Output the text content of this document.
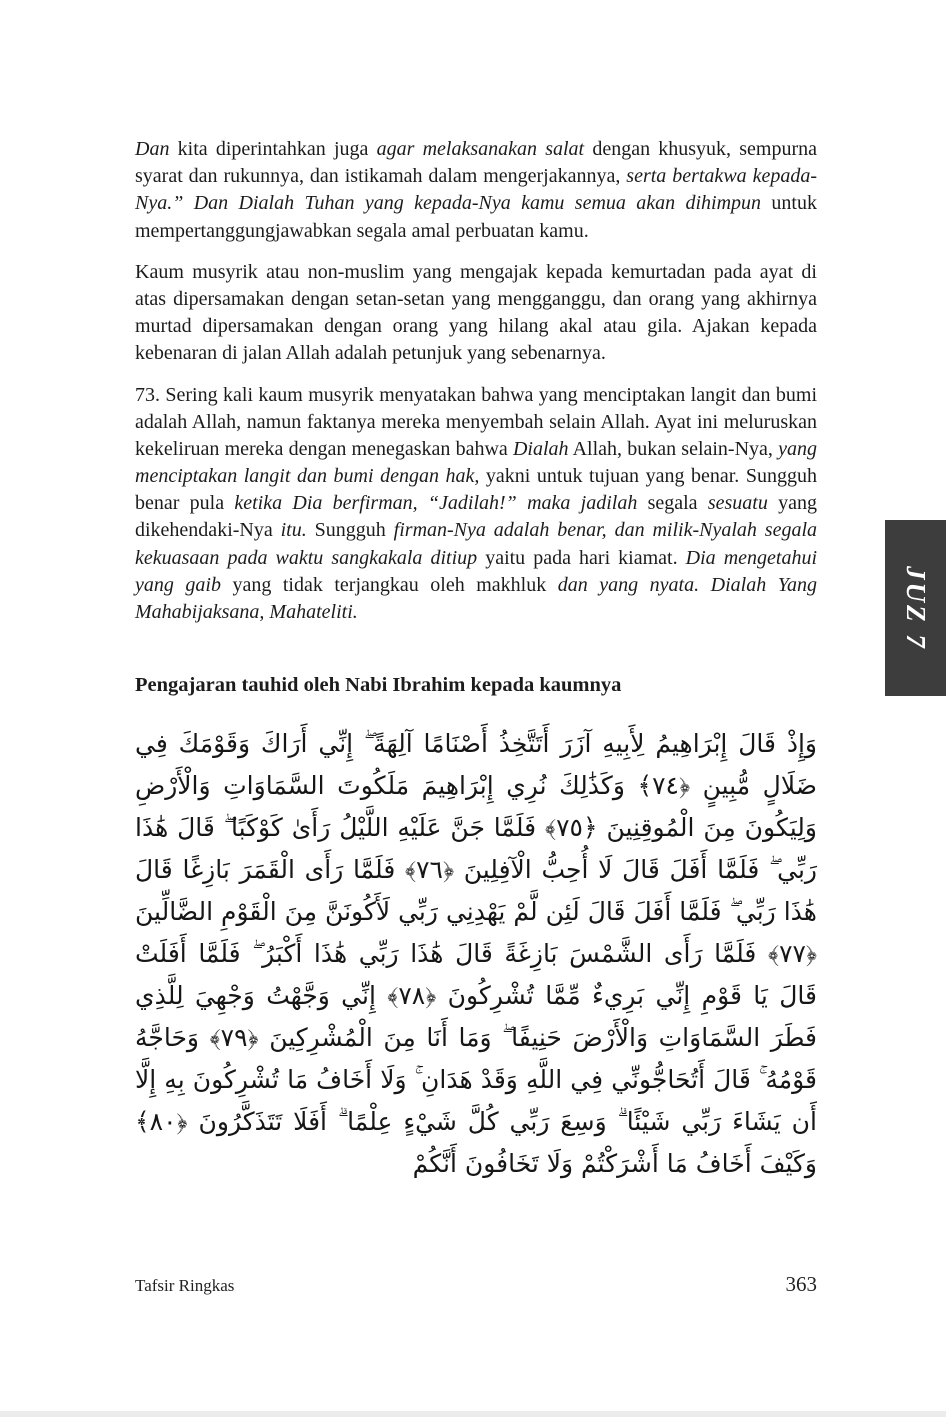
Dan kita diperintahkan juga agar melaksanakan salat dengan khusyuk, sempurna syarat dan rukunnya, dan istikamah dalam mengerjakannya, serta bertakwa kepada-Nya.” Dan Dialah Tuhan yang kepada-Nya kamu semua akan dihimpun untuk mempertanggungjawabkan segala amal perbuatan kamu.

Kaum musyrik atau non-muslim yang mengajak kepada kemurtadan pada ayat di atas dipersamakan dengan setan-setan yang mengganggu, dan orang yang akhirnya murtad dipersamakan dengan orang yang hilang akal atau gila. Ajakan kepada kebenaran di jalan Allah adalah petunjuk yang sebenarnya.

73. Sering kali kaum musyrik menyatakan bahwa yang menciptakan langit dan bumi adalah Allah, namun faktanya mereka menyembah selain Allah. Ayat ini meluruskan kekeliruan mereka dengan menegaskan bahwa Dialah Allah, bukan selain-Nya, yang menciptakan langit dan bumi dengan hak, yakni untuk tujuan yang benar. Sungguh benar pula ketika Dia berfirman, “Jadilah!” maka jadilah segala sesuatu yang dikehendaki-Nya itu. Sungguh firman-Nya adalah benar, dan milik-Nyalah segala kekuasaan pada waktu sangkakala ditiup yaitu pada hari kiamat. Dia mengetahui yang gaib yang tidak terjangkau oleh makhluk dan yang nyata. Dialah Yang Mahabijaksana, Mahateliti.

Pengajaran tauhid oleh Nabi Ibrahim kepada kaumnya
وَإِذْ قَالَ إِبْرَاهِيمُ لِأَبِيهِ آزَرَ أَتَتَّخِذُ أَصْنَامًا آلِهَةً ۖ إِنِّي أَرَاكَ وَقَوْمَكَ فِي ضَلَالٍ مُّبِينٍ ﴿٧٤﴾ وَكَذَٰلِكَ نُرِي إِبْرَاهِيمَ مَلَكُوتَ السَّمَاوَاتِ وَالْأَرْضِ وَلِيَكُونَ مِنَ الْمُوقِنِينَ ﴿٧٥﴾ فَلَمَّا جَنَّ عَلَيْهِ اللَّيْلُ رَأَىٰ كَوْكَبًا ۖ قَالَ هَٰذَا رَبِّي ۖ فَلَمَّا أَفَلَ قَالَ لَا أُحِبُّ الْآفِلِينَ ﴿٧٦﴾ فَلَمَّا رَأَى الْقَمَرَ بَازِغًا قَالَ هَٰذَا رَبِّي ۖ فَلَمَّا أَفَلَ قَالَ لَئِن لَّمْ يَهْدِنِي رَبِّي لَأَكُونَنَّ مِنَ الْقَوْمِ الضَّالِّينَ ﴿٧٧﴾ فَلَمَّا رَأَى الشَّمْسَ بَازِغَةً قَالَ هَٰذَا رَبِّي هَٰذَا أَكْبَرُ ۖ فَلَمَّا أَفَلَتْ قَالَ يَا قَوْمِ إِنِّي بَرِيءٌ مِّمَّا تُشْرِكُونَ ﴿٧٨﴾ إِنِّي وَجَّهْتُ وَجْهِيَ لِلَّذِي فَطَرَ السَّمَاوَاتِ وَالْأَرْضَ حَنِيفًا ۖ وَمَا أَنَا مِنَ الْمُشْرِكِينَ ﴿٧٩﴾ وَحَاجَّهُ قَوْمُهُ ۚ قَالَ أَتُحَاجُّونِّي فِي اللَّهِ وَقَدْ هَدَانِ ۚ وَلَا أَخَافُ مَا تُشْرِكُونَ بِهِ إِلَّا أَن يَشَاءَ رَبِّي شَيْئًا ۗ وَسِعَ رَبِّي كُلَّ شَيْءٍ عِلْمًا ۗ أَفَلَا تَتَذَكَّرُونَ ﴿٨٠﴾ وَكَيْفَ أَخَافُ مَا أَشْرَكْتُمْ وَلَا تَخَافُونَ أَنَّكُمْ
JUZ 7
Tafsir Ringkas	363
